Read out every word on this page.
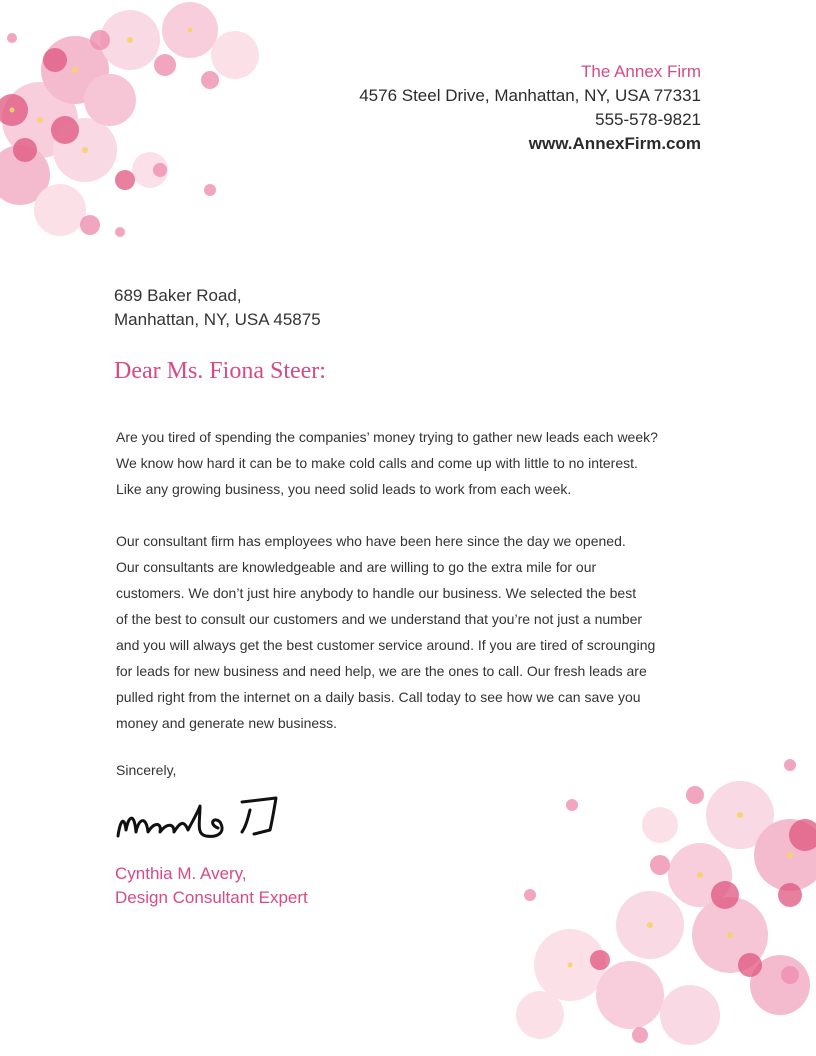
The Annex Firm
4576 Steel Drive, Manhattan, NY, USA 77331
555-578-9821
www.AnnexFirm.com
689 Baker Road,
Manhattan, NY, USA 45875
Dear Ms. Fiona Steer:

Are you tired of spending the companies’ money trying to gather new leads each week?
We know how hard it can be to make cold calls and come up with little to no interest.
Like any growing business, you need solid leads to work from each week.

Our consultant firm has employees who have been here since the day we opened.
Our consultants are knowledgeable and are willing to go the extra mile for our
customers. We don’t just hire anybody to handle our business. We selected the best
of the best to consult our customers and we understand that you’re not just a number
and you will always get the best customer service around. If you are tired of scrounging
for leads for new business and need help, we are the ones to call. Our fresh leads are
pulled right from the internet on a daily basis. Call today to see how we can save you
money and generate new business.

Sincerely,
Cynthia M. Avery,
Design Consultant Expert
